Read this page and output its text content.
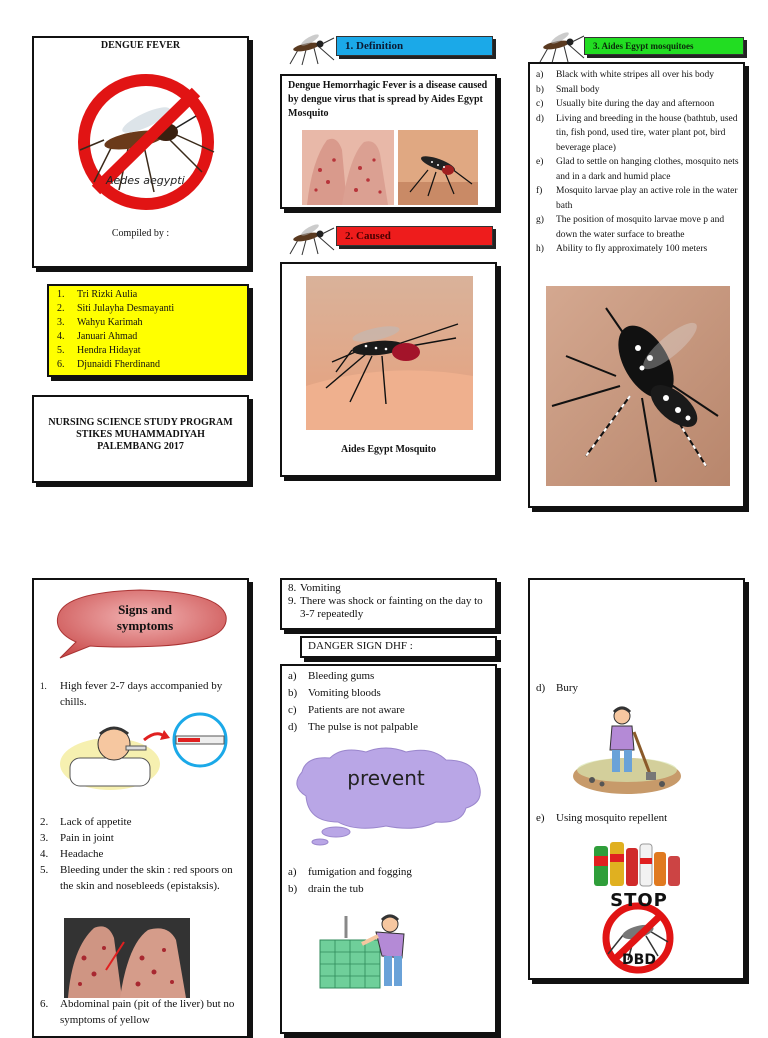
DENGUE FEVER
Aedes aegypti
Compiled by :
1.	Tri Rizki Aulia
2.	Siti Julayha Desmayanti
3.	Wahyu Karimah
4.	Januari Ahmad
5.	Hendra Hidayat
6.	Djunaidi Fherdinand
NURSING SCIENCE STUDY PROGRAM
STIKES MUHAMMADIYAH
PALEMBANG 2017
1. Definition
Dengue Hemorrhagic Fever is a disease caused by dengue virus that is spread by Aides Egypt Mosquito
2. Caused
Aides Egypt Mosquito
3. Aides Egypt mosquitoes
a)	Black with white stripes all over his body
b)	Small body
c)	Usually bite during the day and afternoon
d)	Living and breeding in the house (bathtub, used tin, fish pond, used tire, water plant pot, bird beverage place)
e)	Glad to settle on hanging clothes, mosquito nets and in a dark and humid place
f)	Mosquito larvae play an active role in the water bath
g)	The position of mosquito larvae move p and down the water surface to breathe
h)	Ability to fly approximately 100 meters
Signs and
symptoms
1.	High fever 2-7 days accompanied by chills.
2.	Lack of appetite
3.	Pain in joint
4.	Headache
5.	Bleeding under the skin : red spoors on the skin and nosebleeds (epistaksis).
6.	Abdominal pain (pit of the liver) but no symptoms of yellow
8. Vomiting
9. There was shock or fainting on the day to 3-7 repeatedly
DANGER SIGN DHF :
a)	Bleeding gums
b) Vomiting bloods
c)	Patients are not aware
d) The pulse is not palpable
prevent
a)	fumigation and fogging
b) drain the tub
d) Bury
e)	Using mosquito repellent
STOP
DBD
